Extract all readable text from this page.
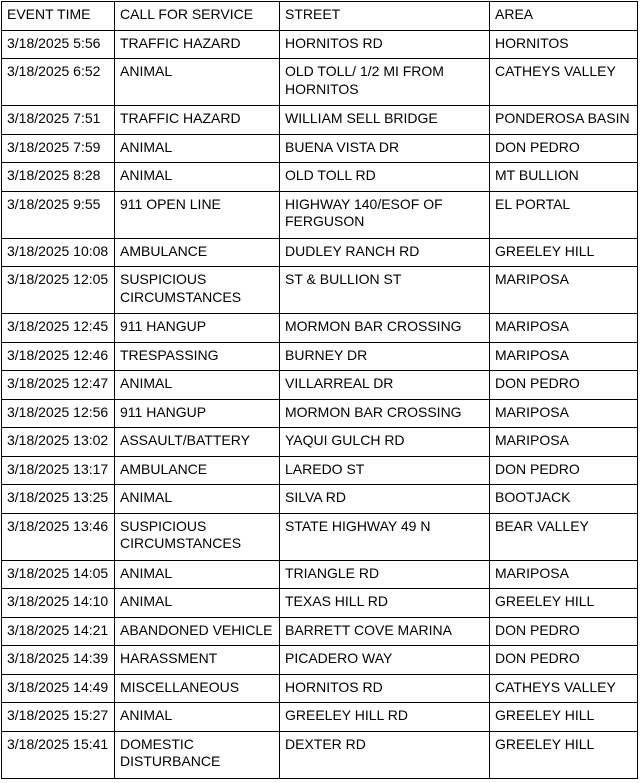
EVENT TIME	CALL FOR SERVICE	STREET	AREA
3/18/2025 5:56	TRAFFIC HAZARD	HORNITOS RD	HORNITOS
3/18/2025 6:52	ANIMAL	OLD TOLL/ 1/2 MI FROM HORNITOS	CATHEYS VALLEY
3/18/2025 7:51	TRAFFIC HAZARD	WILLIAM SELL BRIDGE	PONDEROSA BASIN
3/18/2025 7:59	ANIMAL	BUENA VISTA DR	DON PEDRO
3/18/2025 8:28	ANIMAL	OLD TOLL RD	MT BULLION
3/18/2025 9:55	911 OPEN LINE	HIGHWAY 140/ESOF OF FERGUSON	EL PORTAL
3/18/2025 10:08	AMBULANCE	DUDLEY RANCH RD	GREELEY HILL
3/18/2025 12:05	SUSPICIOUS CIRCUMSTANCES	ST & BULLION ST	MARIPOSA
3/18/2025 12:45	911 HANGUP	MORMON BAR CROSSING	MARIPOSA
3/18/2025 12:46	TRESPASSING	BURNEY DR	MARIPOSA
3/18/2025 12:47	ANIMAL	VILLARREAL DR	DON PEDRO
3/18/2025 12:56	911 HANGUP	MORMON BAR CROSSING	MARIPOSA
3/18/2025 13:02	ASSAULT/BATTERY	YAQUI GULCH RD	MARIPOSA
3/18/2025 13:17	AMBULANCE	LAREDO ST	DON PEDRO
3/18/2025 13:25	ANIMAL	SILVA RD	BOOTJACK
3/18/2025 13:46	SUSPICIOUS CIRCUMSTANCES	STATE HIGHWAY 49 N	BEAR VALLEY
3/18/2025 14:05	ANIMAL	TRIANGLE RD	MARIPOSA
3/18/2025 14:10	ANIMAL	TEXAS HILL RD	GREELEY HILL
3/18/2025 14:21	ABANDONED VEHICLE	BARRETT COVE MARINA	DON PEDRO
3/18/2025 14:39	HARASSMENT	PICADERO WAY	DON PEDRO
3/18/2025 14:49	MISCELLANEOUS	HORNITOS RD	CATHEYS VALLEY
3/18/2025 15:27	ANIMAL	GREELEY HILL RD	GREELEY HILL
3/18/2025 15:41	DOMESTIC DISTURBANCE	DEXTER RD	GREELEY HILL
